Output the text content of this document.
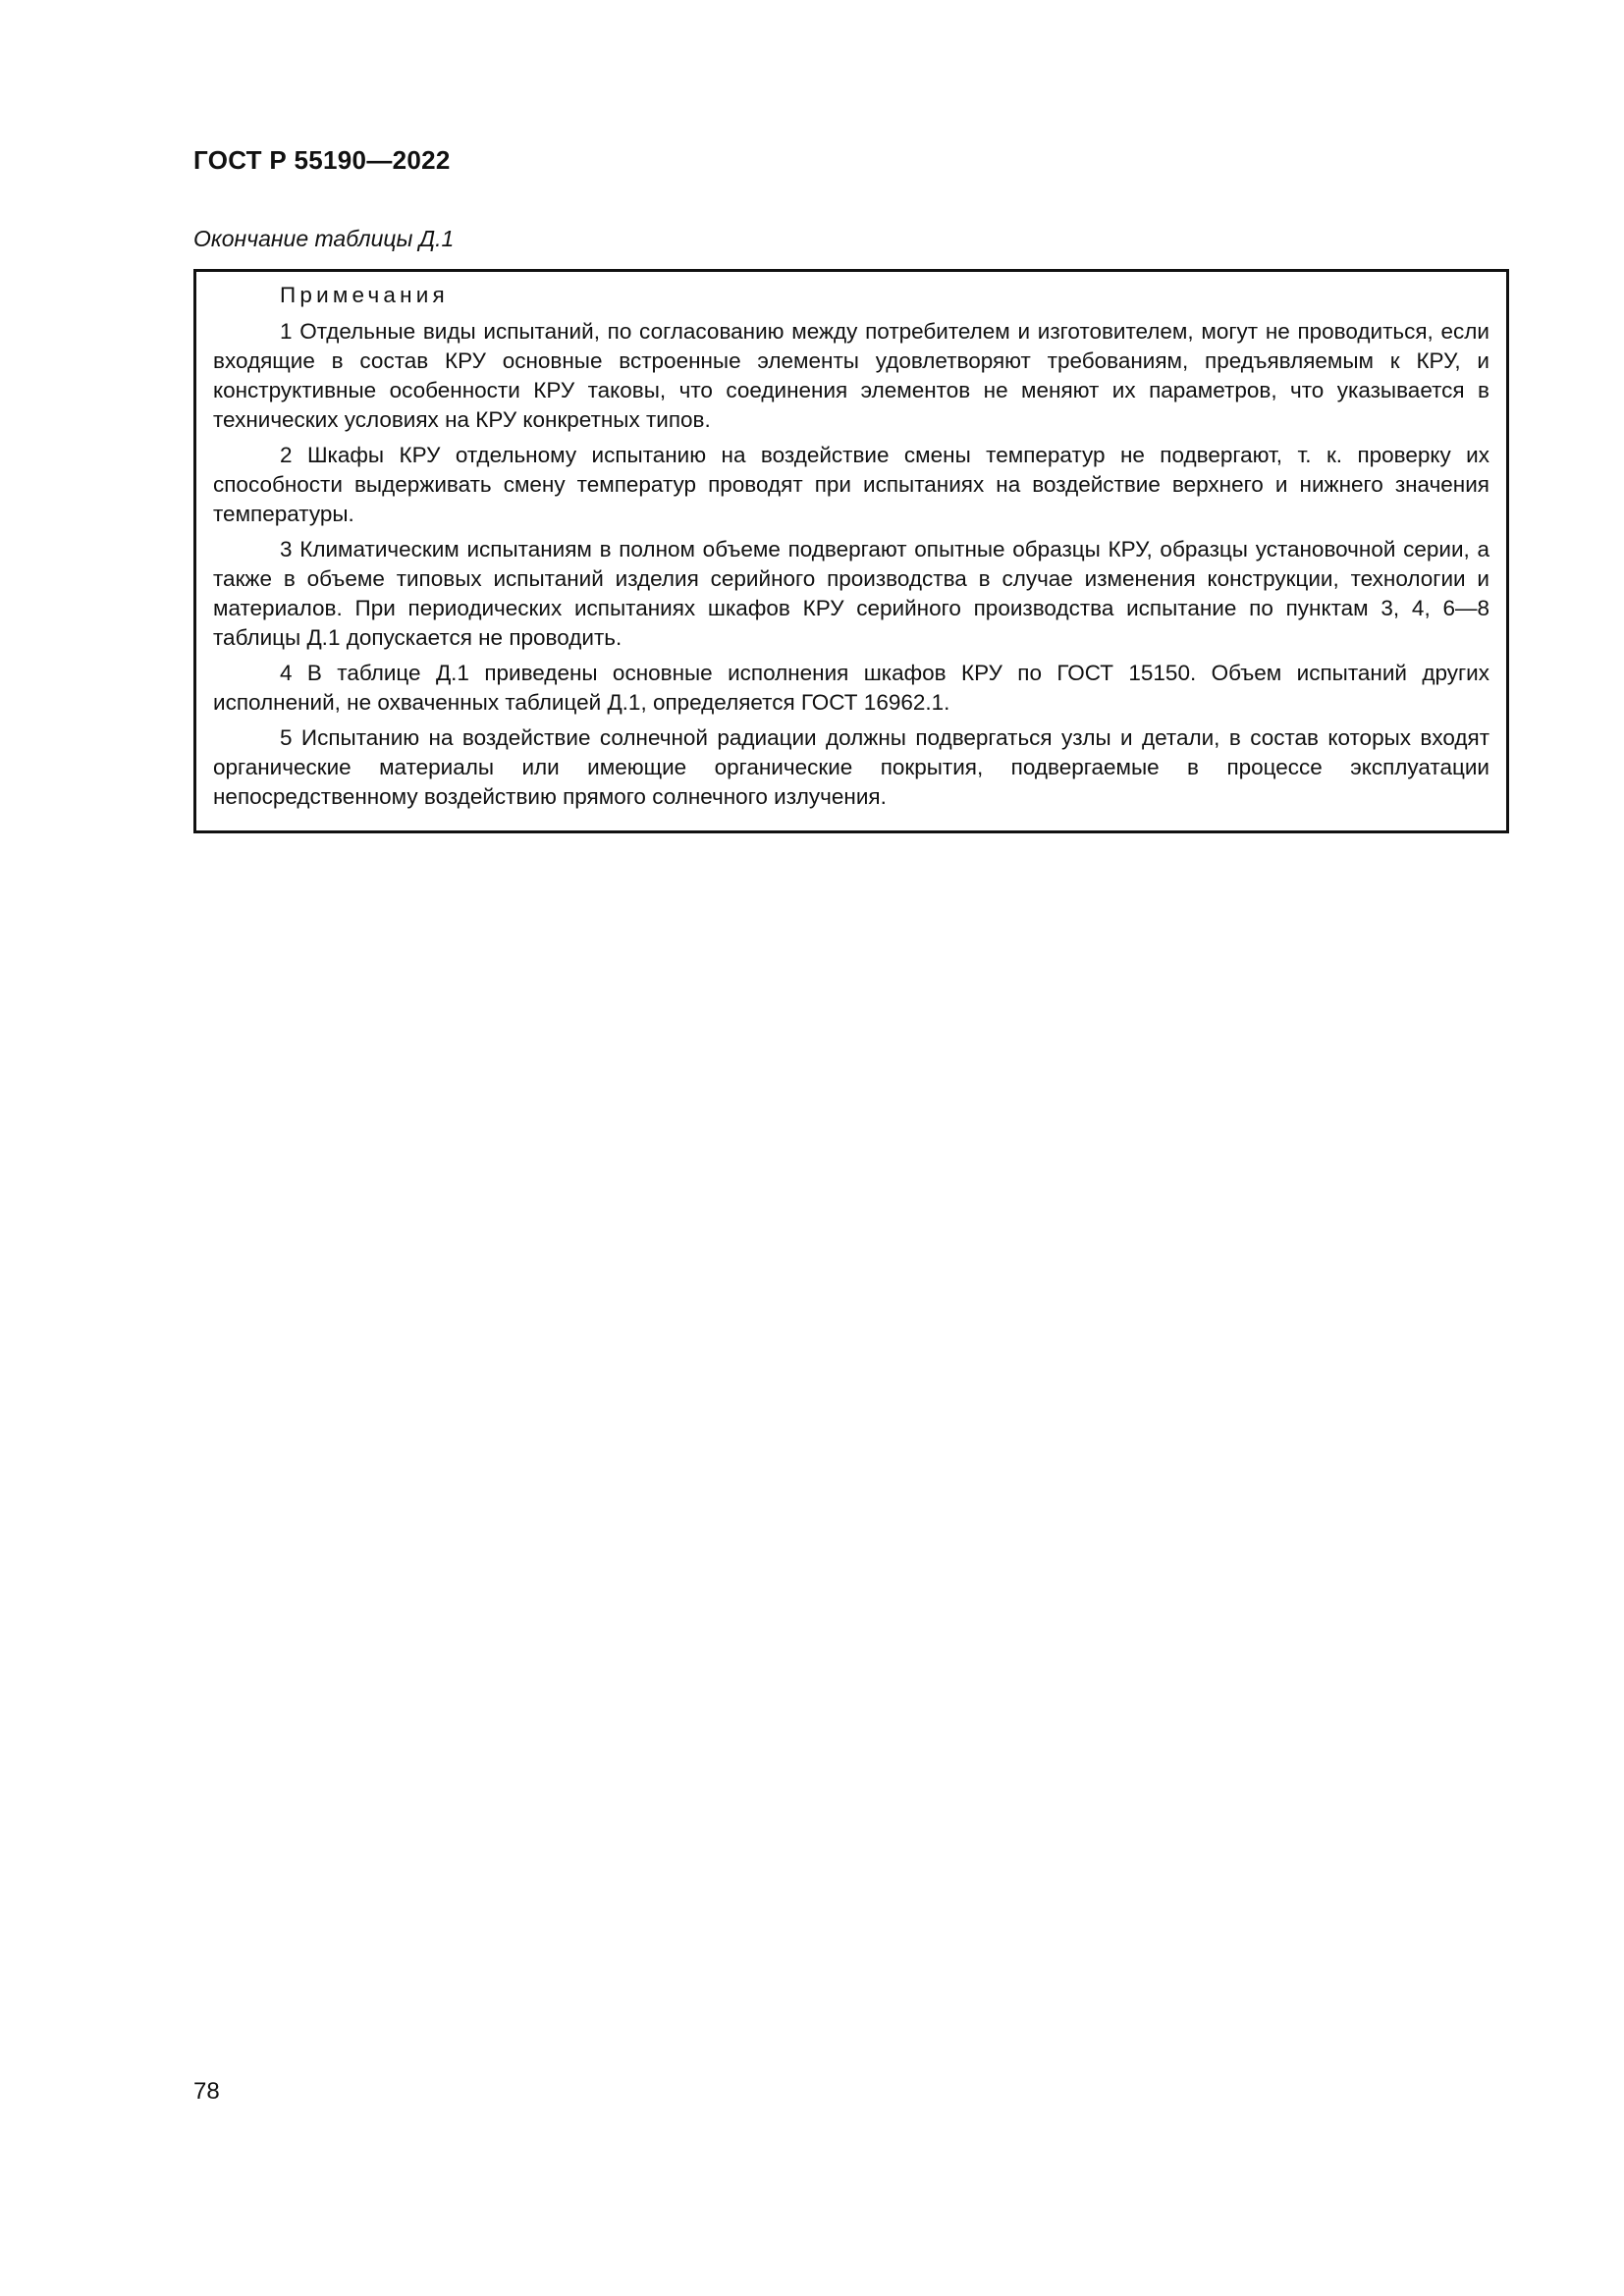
ГОСТ Р 55190—2022
Окончание таблицы Д.1

Примечания

1 Отдельные виды испытаний, по согласованию между потребителем и изготовителем, могут не проводиться, если входящие в состав КРУ основные встроенные элементы удовлетворяют требованиям, предъявляемым к КРУ, и конструктивные особенности КРУ таковы, что соединения элементов не меняют их параметров, что указывается в технических условиях на КРУ конкретных типов.

2 Шкафы КРУ отдельному испытанию на воздействие смены температур не подвергают, т. к. проверку их способности выдерживать смену температур проводят при испытаниях на воздействие верхнего и нижнего значения температуры.

3 Климатическим испытаниям в полном объеме подвергают опытные образцы КРУ, образцы установочной серии, а также в объеме типовых испытаний изделия серийного производства в случае изменения конструкции, технологии и материалов. При периодических испытаниях шкафов КРУ серийного производства испытание по пунктам 3, 4, 6—8 таблицы Д.1 допускается не проводить.

4 В таблице Д.1 приведены основные исполнения шкафов КРУ по ГОСТ 15150. Объем испытаний других исполнений, не охваченных таблицей Д.1, определяется ГОСТ 16962.1.

5 Испытанию на воздействие солнечной радиации должны подвергаться узлы и детали, в состав которых входят органические материалы или имеющие органические покрытия, подвергаемые в процессе эксплуатации непосредственному воздействию прямого солнечного излучения.

78
